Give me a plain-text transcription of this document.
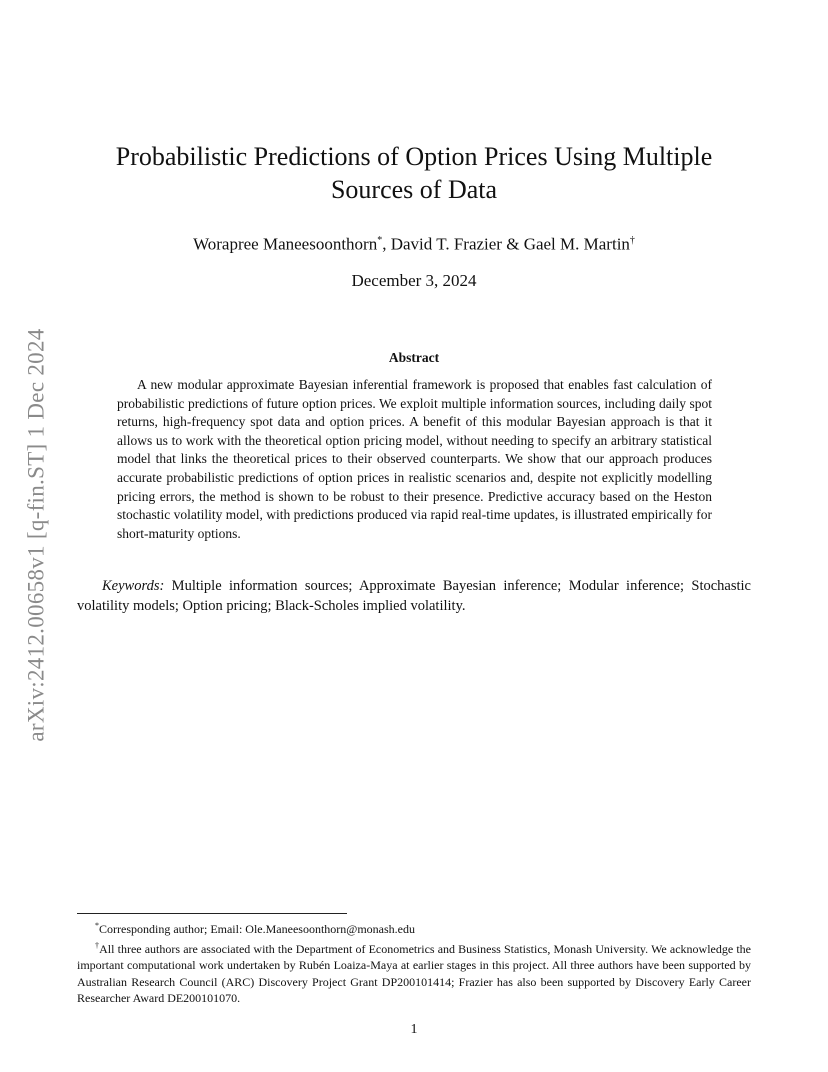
arXiv:2412.00658v1 [q-fin.ST] 1 Dec 2024
Probabilistic Predictions of Option Prices Using Multiple Sources of Data
Worapree Maneesoonthorn*, David T. Frazier & Gael M. Martin†
December 3, 2024
Abstract

A new modular approximate Bayesian inferential framework is proposed that enables fast calculation of probabilistic predictions of future option prices. We exploit multiple information sources, including daily spot returns, high-frequency spot data and option prices. A benefit of this modular Bayesian approach is that it allows us to work with the theoretical option pricing model, without needing to specify an arbitrary statistical model that links the theoretical prices to their observed counterparts. We show that our approach produces accurate probabilistic predictions of option prices in realistic scenarios and, despite not explicitly modelling pricing errors, the method is shown to be robust to their presence. Predictive accuracy based on the Heston stochastic volatility model, with predictions produced via rapid real-time updates, is illustrated empirically for short-maturity options.

Keywords: Multiple information sources; Approximate Bayesian inference; Modular inference; Stochastic volatility models; Option pricing; Black-Scholes implied volatility.

*Corresponding author; Email: Ole.Maneesoonthorn@monash.edu

†All three authors are associated with the Department of Econometrics and Business Statistics, Monash University. We acknowledge the important computational work undertaken by Rubén Loaiza-Maya at earlier stages in this project. All three authors have been supported by Australian Research Council (ARC) Discovery Project Grant DP200101414; Frazier has also been supported by Discovery Early Career Researcher Award DE200101070.

1
